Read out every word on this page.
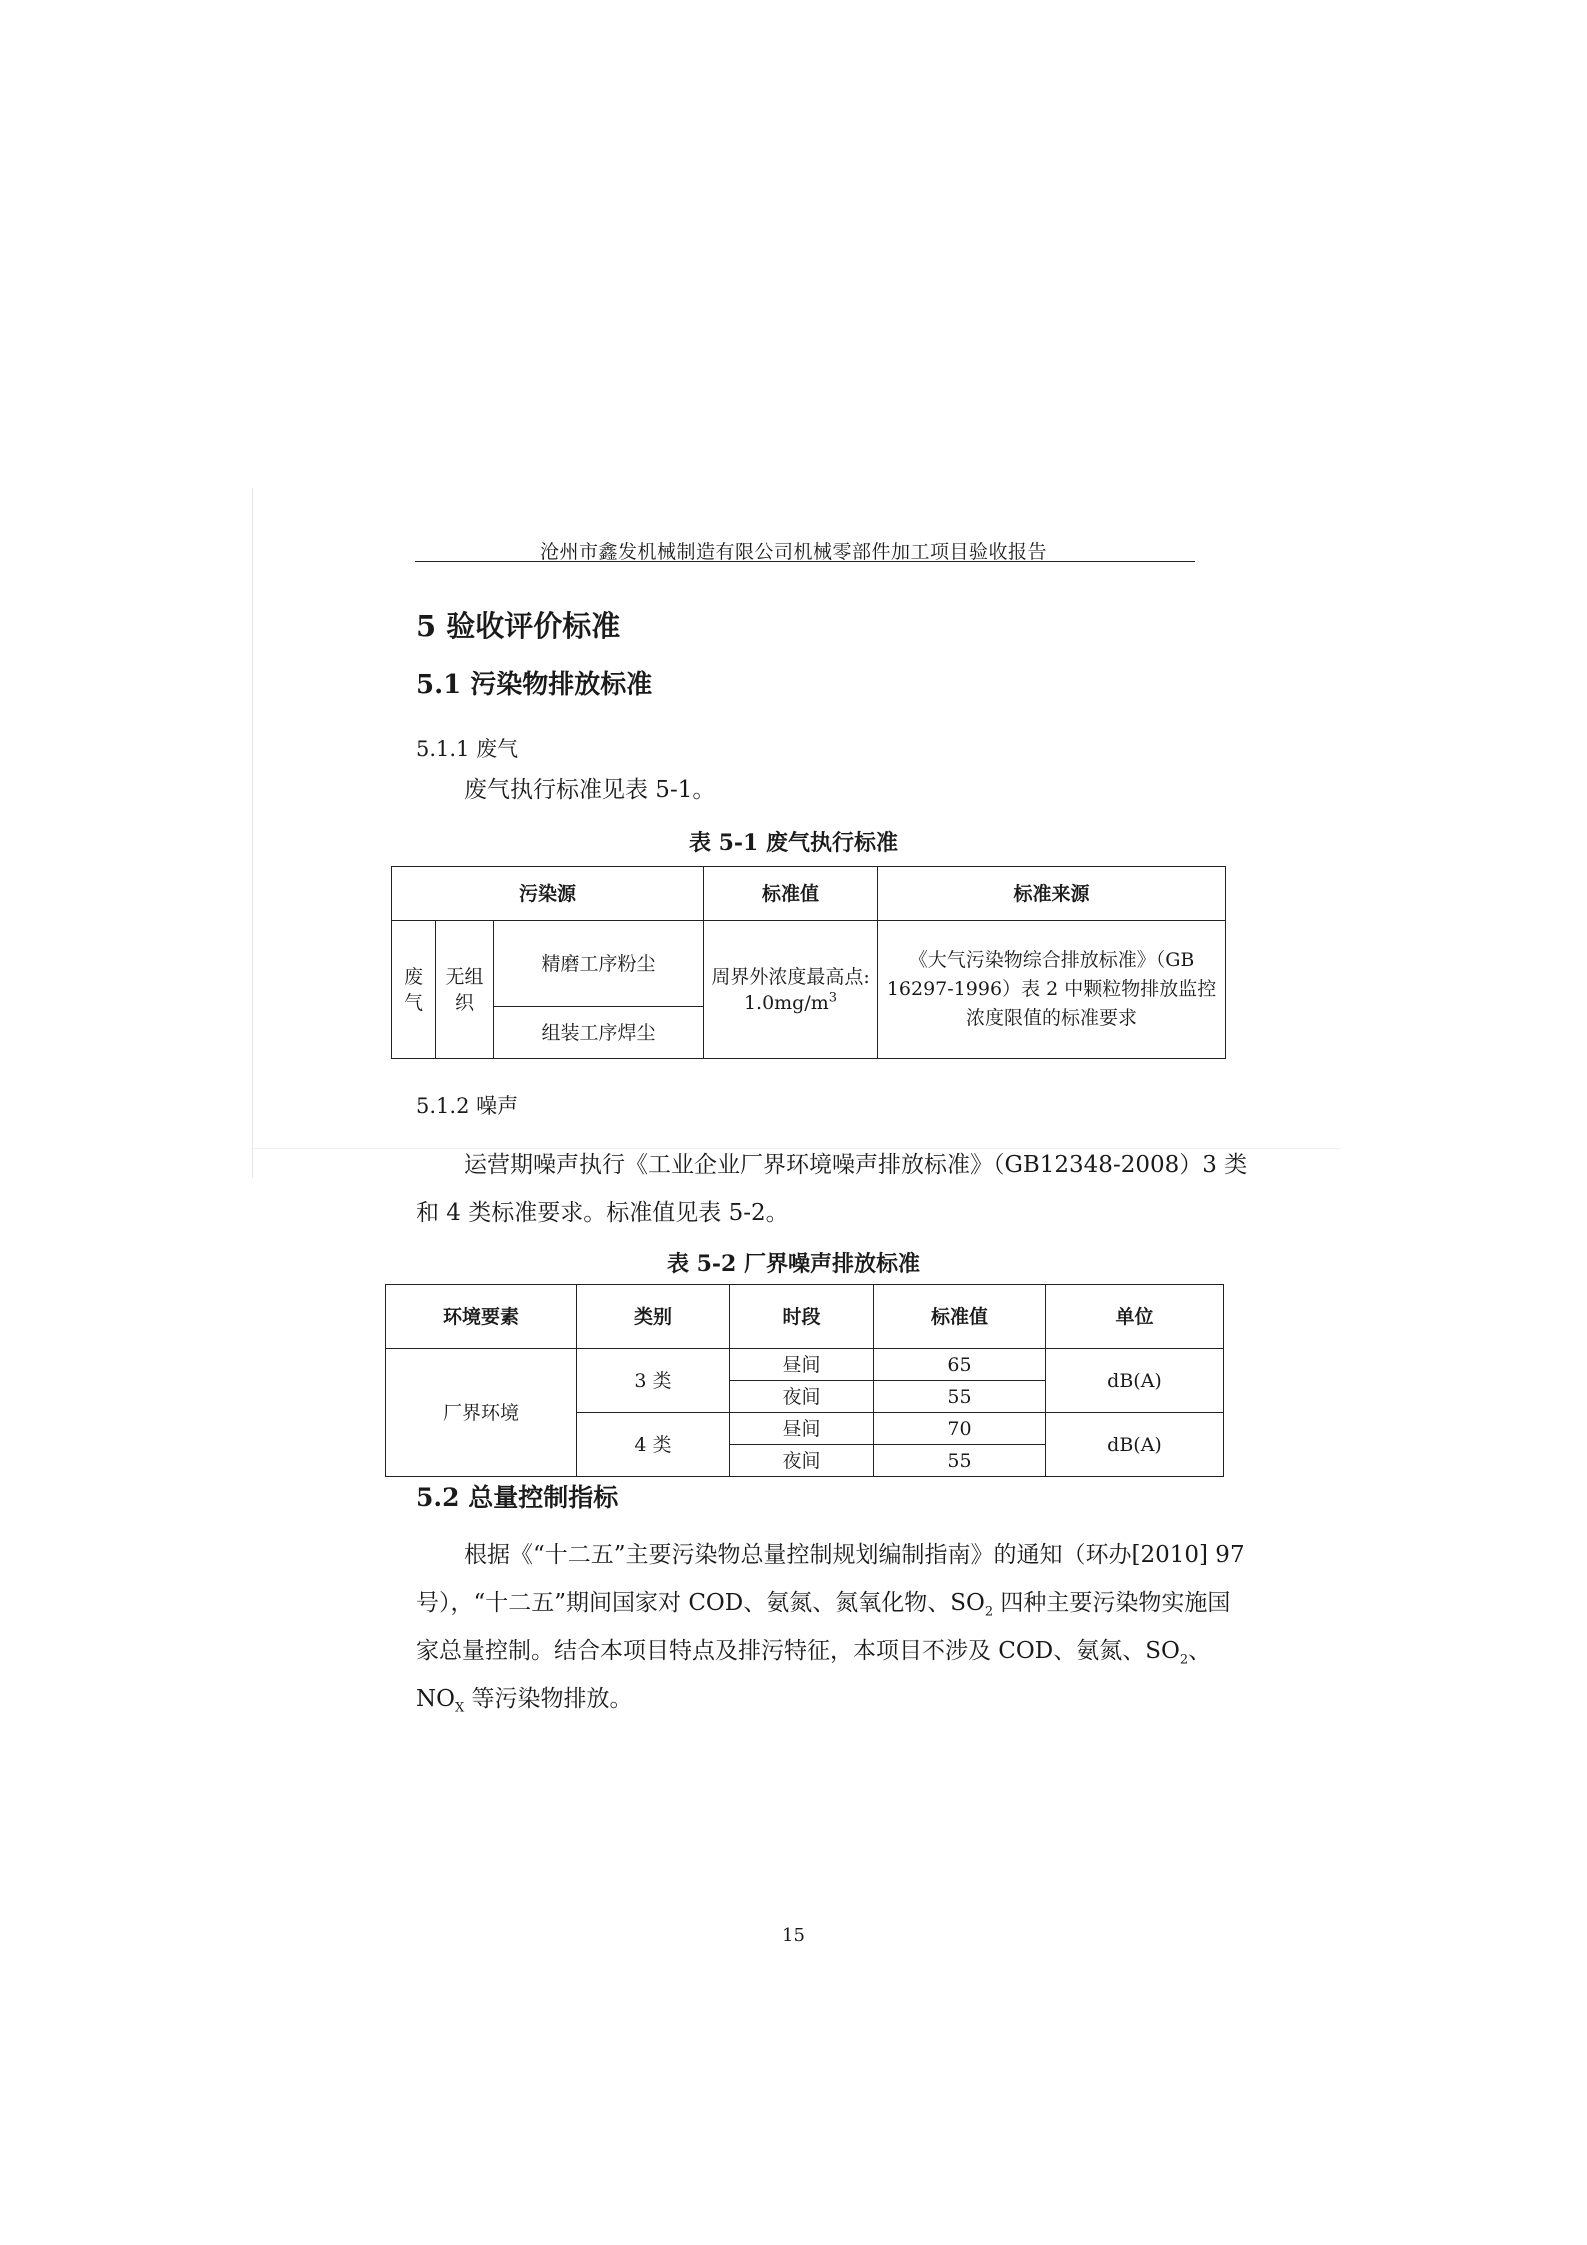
沧州市鑫发机械制造有限公司机械零部件加工项目验收报告
5 验收评价标准
5.1 污染物排放标准
5.1.1 废气
废气执行标准见表 5-1。
表 5-1 废气执行标准
污染源			标准值	标准来源
废气	无组织	精磨工序粉尘	周界外浓度最高点:
$1.0mg/m^3$	《大气污染物综合排放标准》（GB 16297-1996）表 2 中颗粒物排放监控浓度限值的标准要求
		组装工序焊尘		
5.1.2 噪声
运营期噪声执行《工业企业厂界环境噪声排放标准》（GB12348-2008）3 类
和 4 类标准要求。标准值见表 5-2。
表 5-2 厂界噪声排放标准
环境要素	类别	时段	标准值	单位
厂界环境	3 类	昼间	65	dB(A)
		夜间	55	
	4 类	昼间	70	dB(A)
		夜间	55	
5.2 总量控制指标
根据《“十二五”主要污染物总量控制规划编制指南》的通知（环办[2010] 97
号），“十二五”期间国家对 COD、氨氮、氮氧化物、$SO_2$ 四种主要污染物实施国
家总量控制。结合本项目特点及排污特征，本项目不涉及 COD、氨氮、$SO_2$、
$NO_X$ 等污染物排放。
15
